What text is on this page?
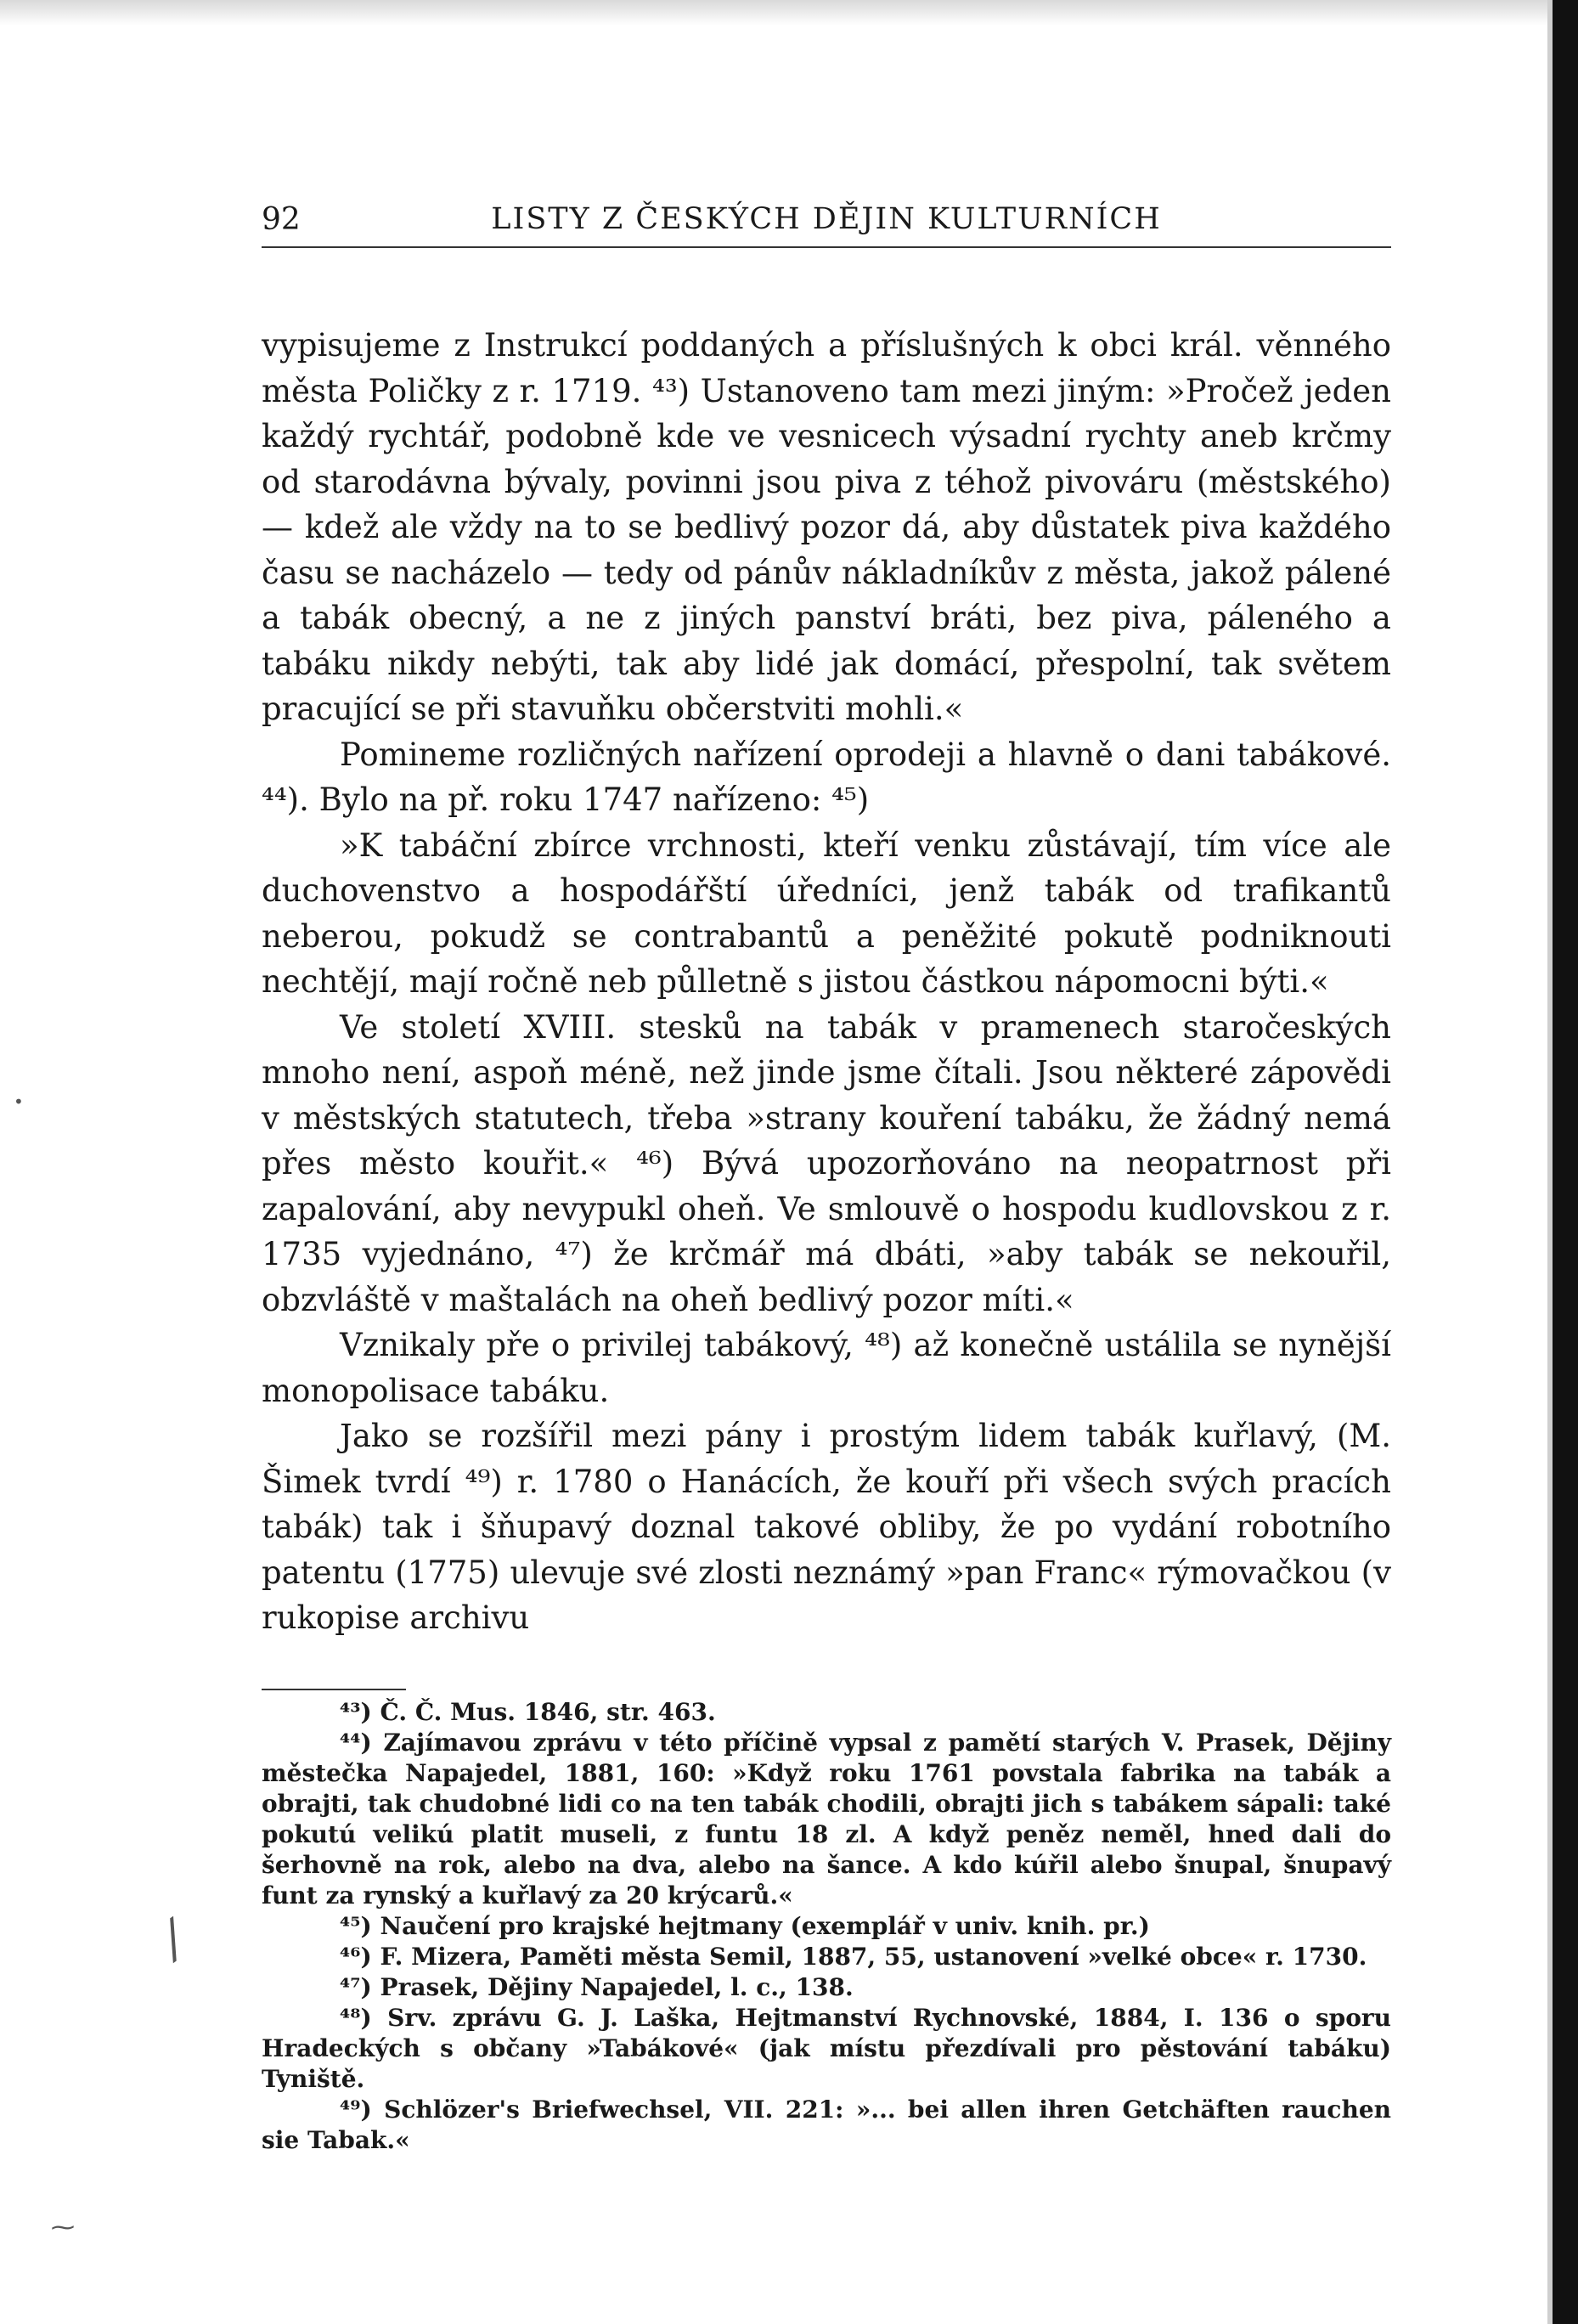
•
⁄
⁓
92	LISTY Z ČESKÝCH DĚJIN KULTURNÍCH

vypisujeme z Instrukcí poddaných a příslušných k obci král. věnného města Poličky z r. 1719. ⁴³) Ustanoveno tam mezi jiným: »Pročež jeden každý rychtář, podobně kde ve vesnicech výsadní rychty aneb krčmy od starodávna bývaly, povinni jsou piva z téhož pivováru (městského) — kdež ale vždy na to se bedlivý pozor dá, aby důstatek piva každého času se nacházelo — tedy od pánův nákladníkův z města, jakož pálené a tabák obecný, a ne z jiných panství bráti, bez piva, páleného a tabáku nikdy nebýti, tak aby lidé jak domácí, přespolní, tak světem pracující se při stavuňku občerstviti mohli.«

Pomineme rozličných nařízení oprodeji a hlavně o dani tabákové. ⁴⁴). Bylo na př. roku 1747 nařízeno: ⁴⁵)

»K tabáční zbírce vrchnosti, kteří venku zůstávají, tím více ale duchovenstvo a hospodářští úředníci, jenž tabák od trafikantů neberou, pokudž se contrabantů a peněžité pokutě podniknouti nechtějí, mají ročně neb půlletně s jistou částkou nápomocni býti.«

Ve století XVIII. stesků na tabák v pramenech staročeských mnoho není, aspoň méně, než jinde jsme čítali. Jsou některé zápovědi v městských statutech, třeba »strany kouření tabáku, že žádný nemá přes město kouřit.« ⁴⁶) Bývá upozorňováno na neopatrnost při zapalování, aby nevypukl oheň. Ve smlouvě o hospodu kudlovskou z r. 1735 vyjednáno, ⁴⁷) že krčmář má dbáti, »aby tabák se nekouřil, obzvláště v maštalách na oheň bedlivý pozor míti.«

Vznikaly pře o privilej tabákový, ⁴⁸) až konečně ustálila se nynější monopolisace tabáku.

Jako se rozšířil mezi pány i prostým lidem tabák kuřlavý, (M. Šimek tvrdí ⁴⁹) r. 1780 o Hanácích, že kouří při všech svých pracích tabák) tak i šňupavý doznal takové obliby, že po vydání robotního patentu (1775) ulevuje své zlosti neznámý »pan Franc« rýmovačkou (v rukopise archivu

⁴³) Č. Č. Mus. 1846, str. 463.

⁴⁴) Zajímavou zprávu v této příčině vypsal z pamětí starých V. Prasek, Dějiny městečka Napajedel, 1881, 160: »Když roku 1761 povstala fabrika na tabák a obrajti, tak chudobné lidi co na ten tabák chodili, obrajti jich s tabákem sápali: také pokutú velikú platit museli, z funtu 18 zl. A když peněz neměl, hned dali do šerhovně na rok, alebo na dva, alebo na šance. A kdo kúřil alebo šnupal, šnupavý funt za rynský a kuřlavý za 20 krýcarů.«

⁴⁵) Naučení pro krajské hejtmany (exemplář v univ. knih. pr.)

⁴⁶) F. Mizera, Paměti města Semil, 1887, 55, ustanovení »velké obce« r. 1730.

⁴⁷) Prasek, Dějiny Napajedel, l. c., 138.

⁴⁸) Srv. zprávu G. J. Laška, Hejtmanství Rychnovské, 1884, I. 136 o sporu Hradeckých s občany »Tabákové« (jak místu přezdívali pro pěstování tabáku) Tyniště.

⁴⁹) Schlözer's Briefwechsel, VII. 221: »... bei allen ihren Getchäften rauchen sie Tabak.«
